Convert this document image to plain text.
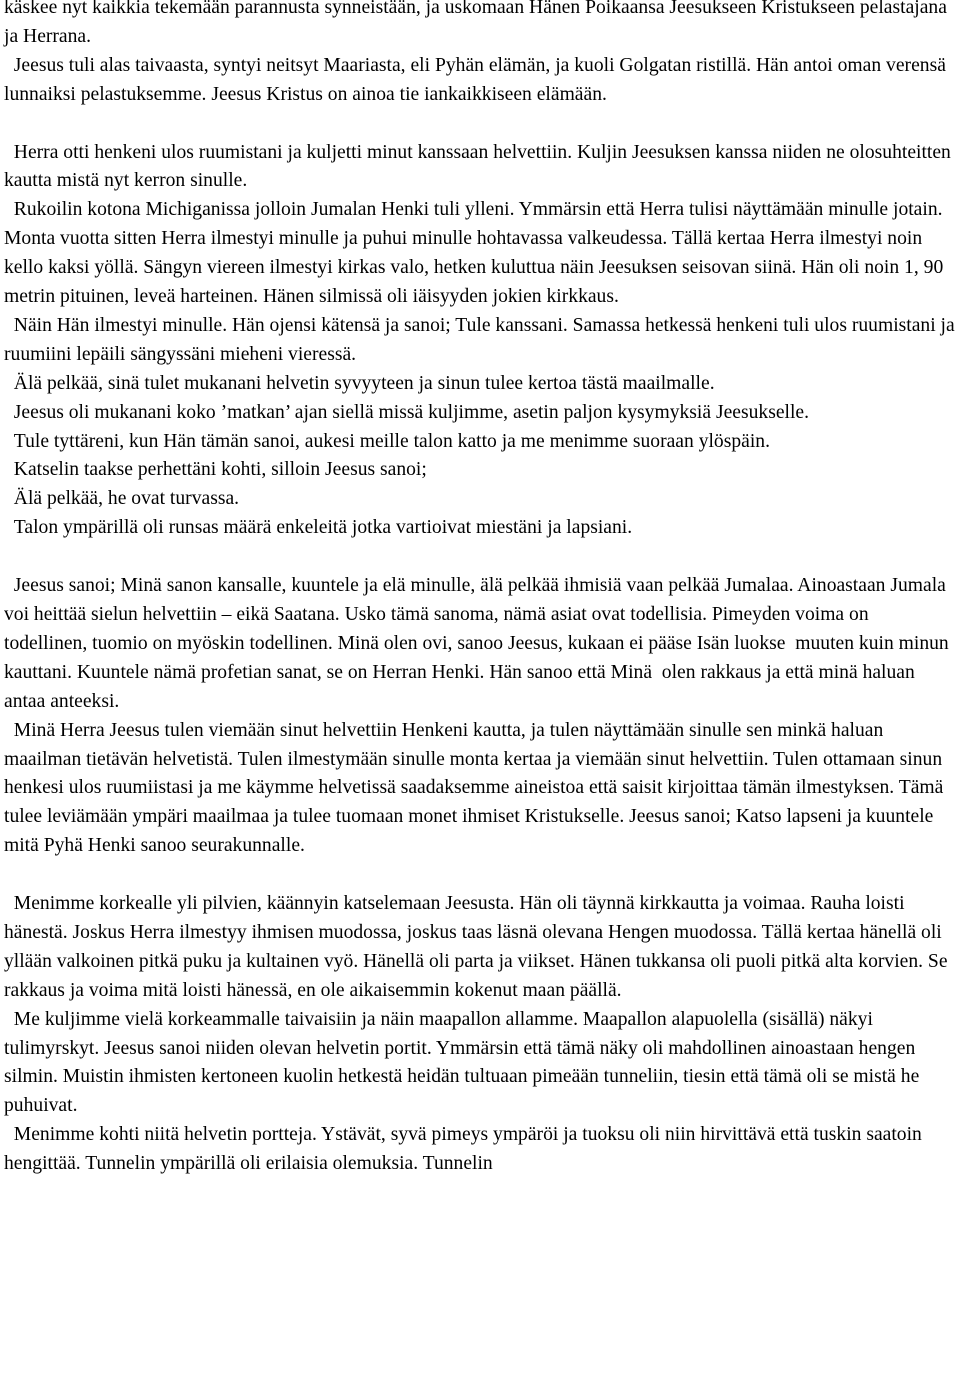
käskee nyt kaikkia tekemään parannusta synneistään, ja uskomaan Hänen Poikaansa Jeesukseen Kristukseen pelastajana ja Herrana.

Jeesus tuli alas taivaasta, syntyi neitsyt Maariasta, eli Pyhän elämän, ja kuoli Golgatan ristillä. Hän antoi oman verensä lunnaiksi pelastuksemme. Jeesus Kristus on ainoa tie iankaikkiseen elämään.

Herra otti henkeni ulos ruumistani ja kuljetti minut kanssaan helvettiin. Kuljin Jeesuksen kanssa niiden ne olosuhteitten kautta mistä nyt kerron sinulle.

Rukoilin kotona Michiganissa jolloin Jumalan Henki tuli ylleni. Ymmärsin että Herra tulisi näyttämään minulle jotain. Monta vuotta sitten Herra ilmestyi minulle ja puhui minulle hohtavassa valkeudessa. Tällä kertaa Herra ilmestyi noin kello kaksi yöllä. Sängyn viereen ilmestyi kirkas valo, hetken kuluttua näin Jeesuksen seisovan siinä. Hän oli noin 1, 90 metrin pituinen, leveä harteinen. Hänen silmissä oli iäisyyden jokien kirkkaus.

Näin Hän ilmestyi minulle. Hän ojensi kätensä ja sanoi; Tule kanssani. Samassa hetkessä henkeni tuli ulos ruumistani ja ruumiini lepäili sängyssäni mieheni vieressä.

Älä pelkää, sinä tulet mukanani helvetin syvyyteen ja sinun tulee kertoa tästä maailmalle.

Jeesus oli mukanani koko ’matkan’ ajan siellä missä kuljimme, asetin paljon kysymyksiä Jeesukselle.

Tule tyttäreni, kun Hän tämän sanoi, aukesi meille talon katto ja me menimme suoraan ylöspäin.

Katselin taakse perhettäni kohti, silloin Jeesus sanoi;

Älä pelkää, he ovat turvassa.

Talon ympärillä oli runsas määrä enkeleitä jotka vartioivat miestäni ja lapsiani.

Jeesus sanoi; Minä sanon kansalle, kuuntele ja elä minulle, älä pelkää ihmisiä vaan pelkää Jumalaa. Ainoastaan Jumala voi heittää sielun helvettiin – eikä Saatana. Usko tämä sanoma, nämä asiat ovat todellisia. Pimeyden voima on todellinen, tuomio on myöskin todellinen. Minä olen ovi, sanoo Jeesus, kukaan ei pääse Isän luokse  muuten kuin minun kauttani. Kuuntele nämä profetian sanat, se on Herran Henki. Hän sanoo että Minä  olen rakkaus ja että minä haluan antaa anteeksi.

Minä Herra Jeesus tulen viemään sinut helvettiin Henkeni kautta, ja tulen näyttämään sinulle sen minkä haluan maailman tietävän helvetistä. Tulen ilmestymään sinulle monta kertaa ja viemään sinut helvettiin. Tulen ottamaan sinun henkesi ulos ruumiistasi ja me käymme helvetissä saadaksemme aineistoa että saisit kirjoittaa tämän ilmestyksen. Tämä tulee leviämään ympäri maailmaa ja tulee tuomaan monet ihmiset Kristukselle. Jeesus sanoi; Katso lapseni ja kuuntele mitä Pyhä Henki sanoo seurakunnalle.

Menimme korkealle yli pilvien, käännyin katselemaan Jeesusta. Hän oli täynnä kirkkautta ja voimaa. Rauha loisti hänestä. Joskus Herra ilmestyy ihmisen muodossa, joskus taas läsnä olevana Hengen muodossa. Tällä kertaa hänellä oli yllään valkoinen pitkä puku ja kultainen vyö. Hänellä oli parta ja viikset. Hänen tukkansa oli puoli pitkä alta korvien. Se rakkaus ja voima mitä loisti hänessä, en ole aikaisemmin kokenut maan päällä.

Me kuljimme vielä korkeammalle taivaisiin ja näin maapallon allamme. Maapallon alapuolella (sisällä) näkyi tulimyrskyt. Jeesus sanoi niiden olevan helvetin portit. Ymmärsin että tämä näky oli mahdollinen ainoastaan hengen silmin. Muistin ihmisten kertoneen kuolin hetkestä heidän tultuaan pimeään tunneliin, tiesin että tämä oli se mistä he puhuivat.

Menimme kohti niitä helvetin portteja. Ystävät, syvä pimeys ympäröi ja tuoksu oli niin hirvittävä että tuskin saatoin hengittää. Tunnelin ympärillä oli erilaisia olemuksia. Tunnelin
